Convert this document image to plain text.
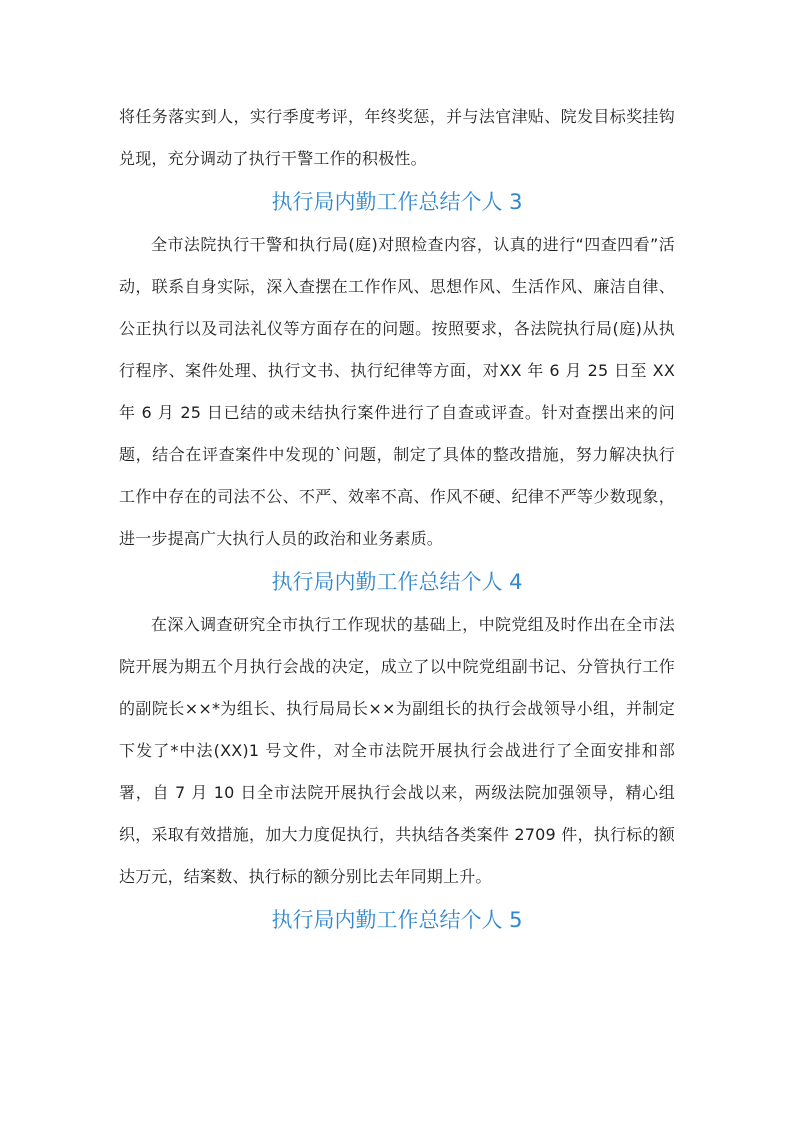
将任务落实到人，实行季度考评，年终奖惩，并与法官津贴、院发目标奖挂钩兑现，充分调动了执行干警工作的积极性。

执行局内勤工作总结个人 3

全市法院执行干警和执行局(庭)对照检查内容，认真的进行“四查四看”活动，联系自身实际，深入查摆在工作作风、思想作风、生活作风、廉洁自律、公正执行以及司法礼仪等方面存在的问题。按照要求，各法院执行局(庭)从执行程序、案件处理、执行文书、执行纪律等方面，对XX 年 6 月 25 日至 XX 年 6 月 25 日已结的或未结执行案件进行了自查或评查。针对查摆出来的问题，结合在评查案件中发现的`问题，制定了具体的整改措施，努力解决执行工作中存在的司法不公、不严、效率不高、作风不硬、纪律不严等少数现象，进一步提高广大执行人员的政治和业务素质。

执行局内勤工作总结个人 4

在深入调查研究全市执行工作现状的基础上，中院党组及时作出在全市法院开展为期五个月执行会战的决定，成立了以中院党组副书记、分管执行工作的副院长××*为组长、执行局局长××为副组长的执行会战领导小组，并制定下发了*中法(XX)1 号文件，对全市法院开展执行会战进行了全面安排和部署，自 7 月 10 日全市法院开展执行会战以来，两级法院加强领导，精心组织，采取有效措施，加大力度促执行，共执结各类案件 2709 件，执行标的额达万元，结案数、执行标的额分别比去年同期上升。

执行局内勤工作总结个人 5
